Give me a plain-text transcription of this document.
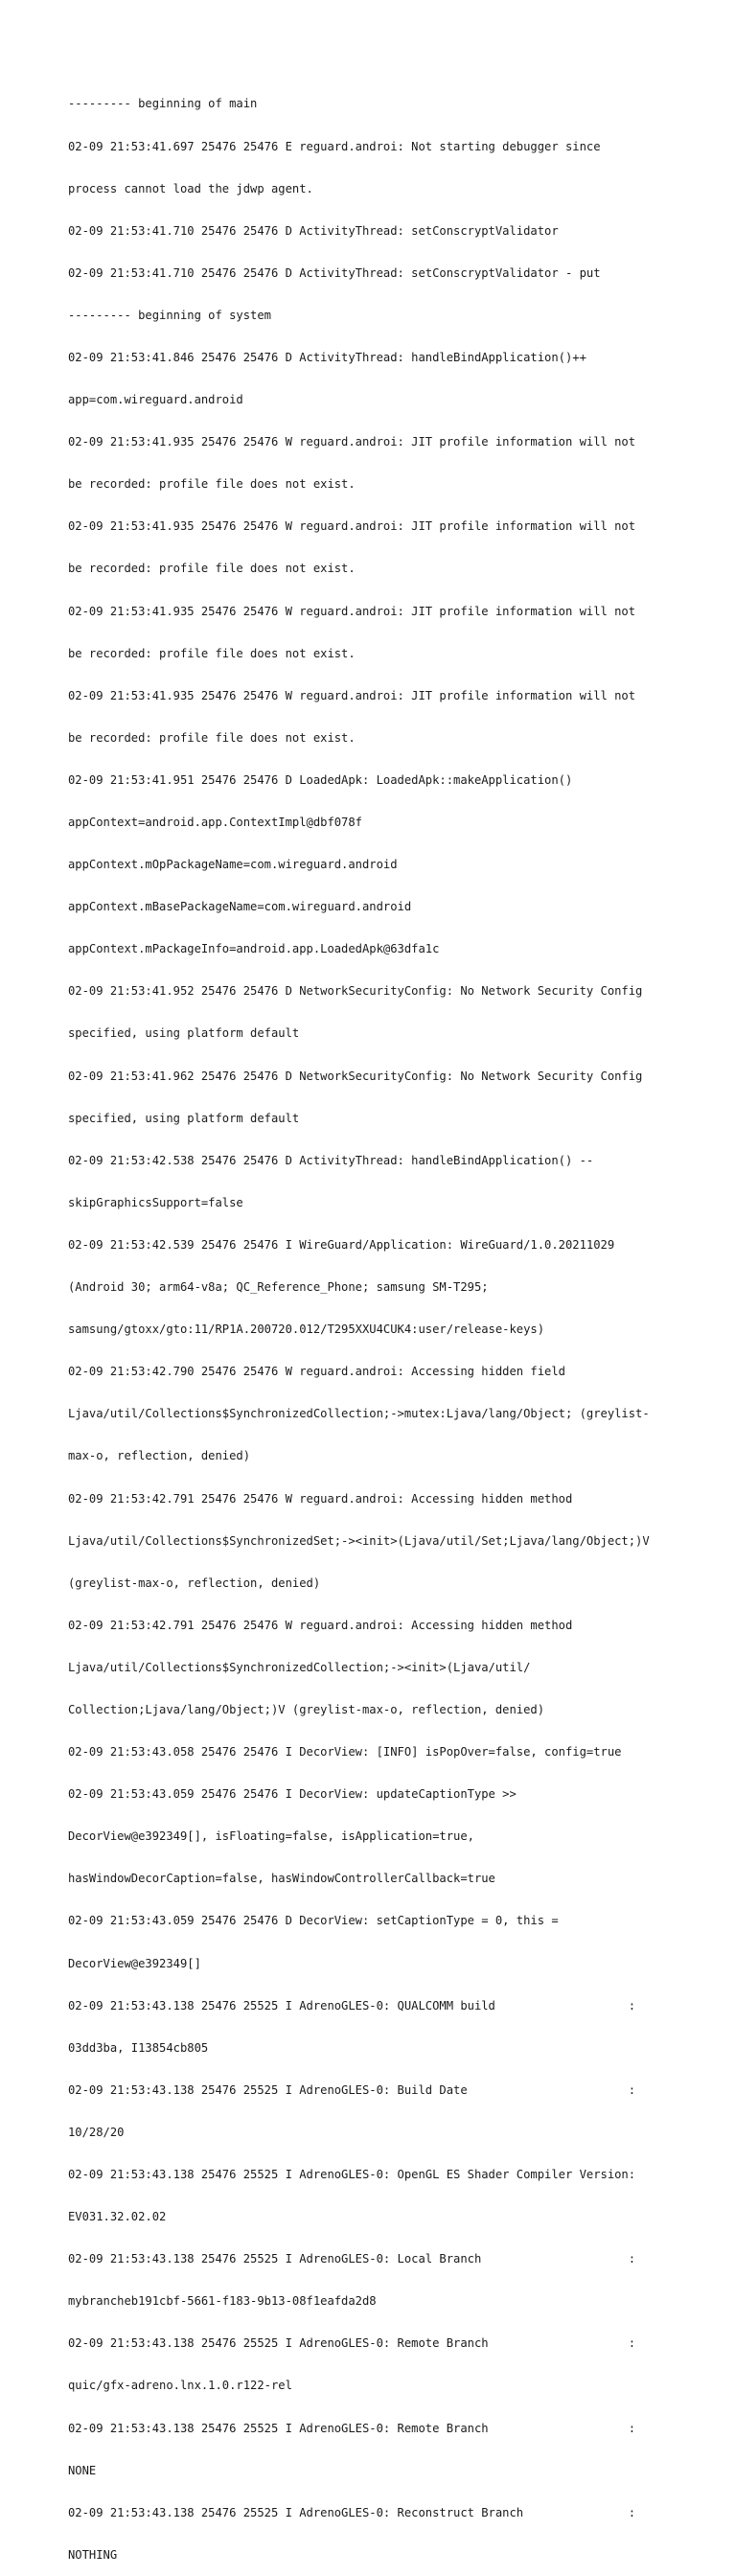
--------- beginning of main

02-09 21:53:41.697 25476 25476 E reguard.androi: Not starting debugger since

process cannot load the jdwp agent.

02-09 21:53:41.710 25476 25476 D ActivityThread: setConscryptValidator

02-09 21:53:41.710 25476 25476 D ActivityThread: setConscryptValidator - put

--------- beginning of system

02-09 21:53:41.846 25476 25476 D ActivityThread: handleBindApplication()++

app=com.wireguard.android

02-09 21:53:41.935 25476 25476 W reguard.androi: JIT profile information will not

be recorded: profile file does not exist.

02-09 21:53:41.935 25476 25476 W reguard.androi: JIT profile information will not

be recorded: profile file does not exist.

02-09 21:53:41.935 25476 25476 W reguard.androi: JIT profile information will not

be recorded: profile file does not exist.

02-09 21:53:41.935 25476 25476 W reguard.androi: JIT profile information will not

be recorded: profile file does not exist.

02-09 21:53:41.951 25476 25476 D LoadedApk: LoadedApk::makeApplication()

appContext=android.app.ContextImpl@dbf078f

appContext.mOpPackageName=com.wireguard.android

appContext.mBasePackageName=com.wireguard.android

appContext.mPackageInfo=android.app.LoadedApk@63dfa1c

02-09 21:53:41.952 25476 25476 D NetworkSecurityConfig: No Network Security Config

specified, using platform default

02-09 21:53:41.962 25476 25476 D NetworkSecurityConfig: No Network Security Config

specified, using platform default

02-09 21:53:42.538 25476 25476 D ActivityThread: handleBindApplication() --

skipGraphicsSupport=false

02-09 21:53:42.539 25476 25476 I WireGuard/Application: WireGuard/1.0.20211029

(Android 30; arm64-v8a; QC_Reference_Phone; samsung SM-T295;

samsung/gtoxx/gto:11/RP1A.200720.012/T295XXU4CUK4:user/release-keys)

02-09 21:53:42.790 25476 25476 W reguard.androi: Accessing hidden field

Ljava/util/Collections$SynchronizedCollection;->mutex:Ljava/lang/Object; (greylist-

max-o, reflection, denied)

02-09 21:53:42.791 25476 25476 W reguard.androi: Accessing hidden method

Ljava/util/Collections$SynchronizedSet;-><init>(Ljava/util/Set;Ljava/lang/Object;)V

(greylist-max-o, reflection, denied)

02-09 21:53:42.791 25476 25476 W reguard.androi: Accessing hidden method

Ljava/util/Collections$SynchronizedCollection;-><init>(Ljava/util/

Collection;Ljava/lang/Object;)V (greylist-max-o, reflection, denied)

02-09 21:53:43.058 25476 25476 I DecorView: [INFO] isPopOver=false, config=true

02-09 21:53:43.059 25476 25476 I DecorView: updateCaptionType >>

DecorView@e392349[], isFloating=false, isApplication=true,

hasWindowDecorCaption=false, hasWindowControllerCallback=true

02-09 21:53:43.059 25476 25476 D DecorView: setCaptionType = 0, this =

DecorView@e392349[]

02-09 21:53:43.138 25476 25525 I AdrenoGLES-0: QUALCOMM build                   :

03dd3ba, I13854cb805

02-09 21:53:43.138 25476 25525 I AdrenoGLES-0: Build Date                       :

10/28/20

02-09 21:53:43.138 25476 25525 I AdrenoGLES-0: OpenGL ES Shader Compiler Version:

EV031.32.02.02

02-09 21:53:43.138 25476 25525 I AdrenoGLES-0: Local Branch                     :

mybrancheb191cbf-5661-f183-9b13-08f1eafda2d8

02-09 21:53:43.138 25476 25525 I AdrenoGLES-0: Remote Branch                    :

quic/gfx-adreno.lnx.1.0.r122-rel

02-09 21:53:43.138 25476 25525 I AdrenoGLES-0: Remote Branch                    :

NONE

02-09 21:53:43.138 25476 25525 I AdrenoGLES-0: Reconstruct Branch               :

NOTHING
